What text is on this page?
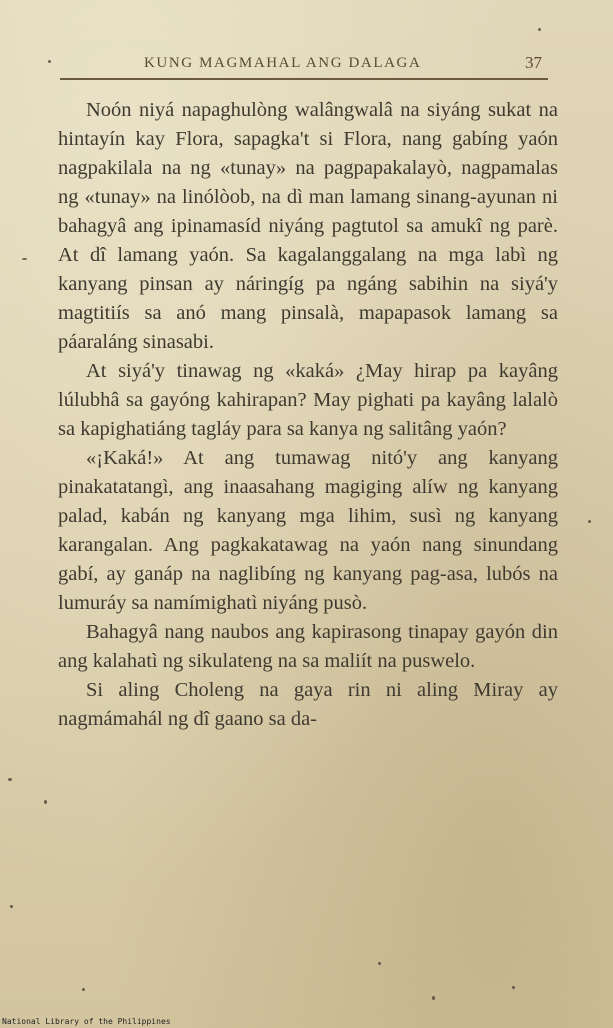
KUNG MAGMAHAL ANG DALAGA	37

Noón niyá napaghulòng walângwalâ na siyáng sukat na hintayín kay Flora, sapagka't si Flora, nang gabíng yaón nagpakilala na ng «tunay» na pagpapakalayò, nagpamalas ng «tunay» na linólòob, na dì man lamang sinang-ayunan ni bahagyâ ang ipinamasíd niyáng pagtutol sa amukî ng parè. At dî lamang yaón. Sa kagalanggalang na mga labì ng kanyang pinsan ay náringíg pa ngáng sabihin na siyá'y magtitiís sa anó mang pinsalà, mapapasok lamang sa páaraláng sinasabi.

At siyá'y tinawag ng «kaká» ¿May hirap pa kayâng lúlubhâ sa gayóng kahirapan? May pighati pa kayâng lalalò sa kapighatiáng tagláy para sa kanya ng salitâng yaón?

«¡Kaká!» At ang tumawag nitó'y ang kanyang pinakatatangì, ang inaasahang magiging alíw ng kanyang palad, kabán ng kanyang mga lihim, susì ng kanyang karangalan. Ang pagkakatawag na yaón nang sinundang gabí, ay ganáp na naglibíng ng kanyang pag-asa, lubós na lumuráy sa namímighatì niyáng pusò.

Bahagyâ nang naubos ang kapirasong tinapay gayón din ang kalahatì ng sikulateng na sa maliít na puswelo.

Si aling Choleng na gaya rin ni aling Miray ay nagmámahál ng dî gaano sa da-

National Library of the Philippines
